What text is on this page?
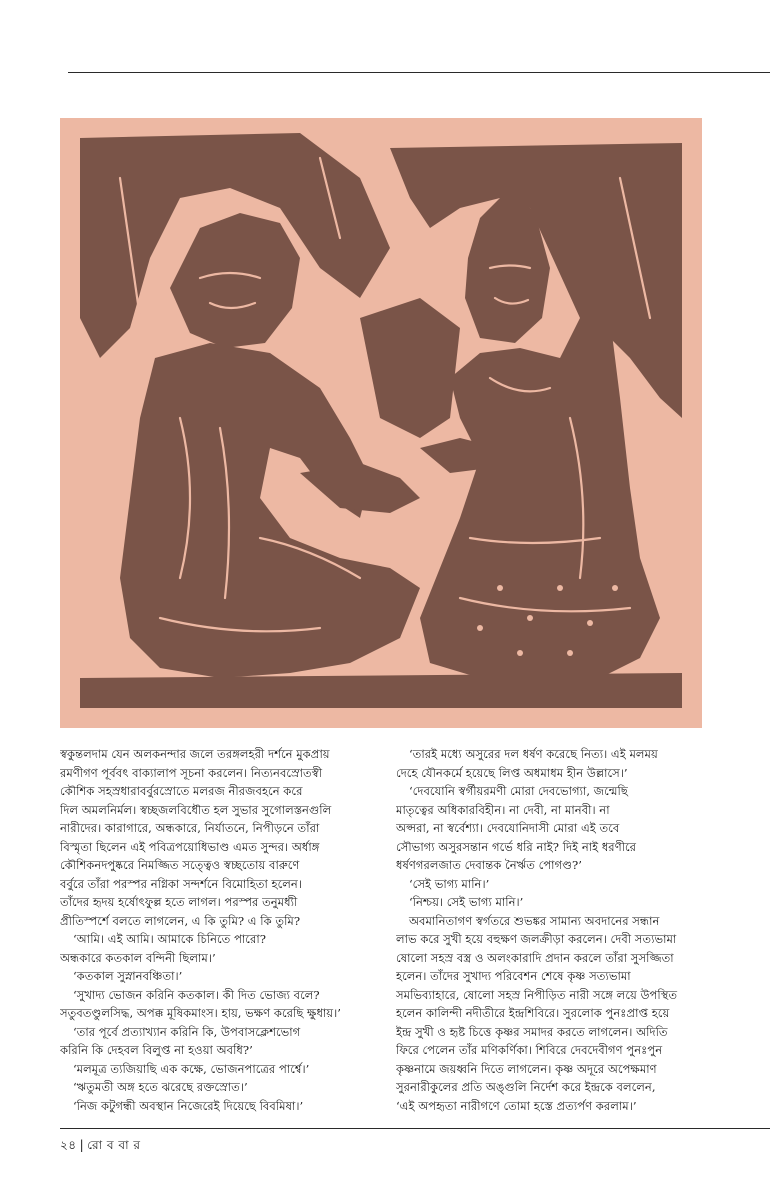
স্বকুন্তলদাম যেন অলকনন্দার জলে তরঙ্গলহরী দর্শনে মুকপ্রায়

রমণীগণ পূর্ববৎ বাক্যালাপ সূচনা করলেন। নিত্যনবস্রোতস্বী

কৌশিক সহস্রধারাবর্বুরস্রোতে মলরজ নীরজবহনে করে

দিল অমলনির্মল। স্বচ্ছজলবিধৌত হল সুভার সুগোলস্তনগুলি

নারীদের। কারাগারে, অন্ধকারে, নির্যাতনে, নিপীড়নে তাঁরা

বিস্মৃতা ছিলেন এই পবিত্রপয়োধিভাণ্ড এমত সুন্দর। অর্ধাঙ্গ

কৌশিকনদপুষ্করে নিমজ্জিত সত্ত্বেও স্বচ্ছতোয় বারুণে

বর্বুরে তাঁরা পরস্পর নগ্নিকা সন্দর্শনে বিমোহিতা হলেন।

তাঁদের হৃদয় হর্ষোৎফুল্ল হতে লাগল। পরস্পর তনুমধ্যী

প্রীতিস্পর্শে বলতে লাগলেন, এ কি তুমি? এ কি তুমি?

‘আমি। এই আমি। আমাকে চিনিতে পারো?

অন্ধকারে কতকাল বন্দিনী ছিলাম।’

‘কতকাল সুস্নানবঞ্চিতা।’

‘সুখাদ্য ভোজন করিনি কতকাল। কী দিত ভোজ্য বলে?

সতুবতণ্ডুলসিদ্ধ, অপক্ক মূষিকমাংস। হায়, ভক্ষণ করেছি ক্ষুধায়।’

‘তার পূর্বে প্রত্যাখ্যান করিনি কি, উপবাসক্লেশভোগ

করিনি কি দেহবল বিলুপ্ত না হওয়া অবধি?’

‘মলমূত্র ত্যজিয়াছি এক কক্ষে, ভোজনপাত্রের পার্শ্বে।’

‘ঋতুমতী অঙ্গ হতে ঝরেছে রক্তস্রোত।’

‘নিজ কটুগন্ধী অবস্থান নিজেরেই দিয়েছে বিবমিষা।’

‘তারই মধ্যে অসুরের দল ধর্ষণ করেছে নিত্য। এই মলময়

দেহে যৌনকর্মে হয়েছে লিপ্ত অধমাধম হীন উল্লাসে।’

‘দেবযোনি স্বর্গীয়রমণী মোরা দেবভোগ্যা, জন্মেছি

মাতৃত্বের অধিকারবিহীন। না দেবী, না মানবী। না

অপ্সরা, না স্বর্বেশ্যা। দেবযোনিদাসী মোরা এই তবে

সৌভাগ্য অসুরসন্তান গর্ভে ধরি নাই? দিই নাই ধরণীরে

ধর্ষণগরলজাত দেবান্তক নৈর্ঋত পোগণ্ড?’

‘সেই ভাগ্য মানি।’

‘নিশ্চয়। সেই ভাগ্য মানি।’

অবমানিতাগণ স্বর্গতরে শুভঙ্কর সামান্য অবদানের সন্ধান

লাভ করে সুখী হয়ে বহুক্ষণ জলক্রীড়া করলেন। দেবী সত্যভামা

ষোলো সহস্র বস্ত্র ও অলংকারাদি প্রদান করলে তাঁরা সুসজ্জিতা

হলেন। তাঁদের সুখাদ্য পরিবেশন শেষে কৃষ্ণ সত্যভামা

সমভিব্যাহারে, ষোলো সহস্র নিপীড়িত নারী সঙ্গে লয়ে উপস্থিত

হলেন কালিন্দী নদীতীরে ইন্দ্রশিবিরে। সুরলোক পুনঃপ্রাপ্ত হয়ে

ইন্দ্র সুখী ও হৃষ্ট চিত্তে কৃষ্ণর সমাদর করতে লাগলেন। অদিতি

ফিরে পেলেন তাঁর মণিকর্ণিকা। শিবিরে দেবদেবীগণ পুনঃপুন

কৃষ্ণনামে জয়ধ্বনি দিতে লাগলেন। কৃষ্ণ অদূরে অপেক্ষমাণ

সুরনারীকুলের প্রতি অঙ্গুলি নির্দেশ করে ইন্দ্রকে বললেন,

‘এই অপহৃতা নারীগণে তোমা হস্তে প্রত্যর্পণ করলাম।’

২৪ | রো ব বা র
